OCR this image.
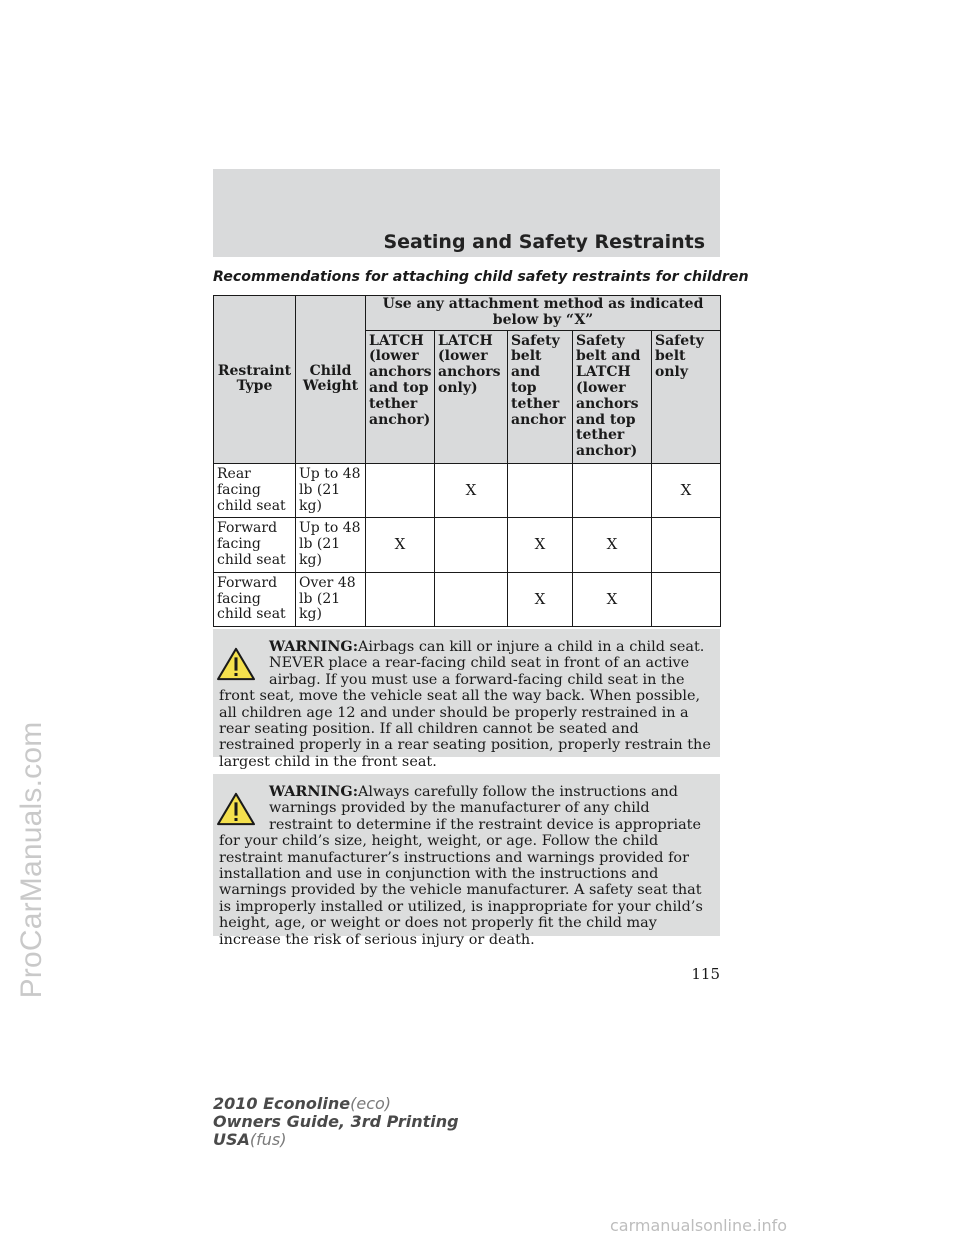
ProCarManuals.com
Seating and Safety Restraints
Recommendations for attaching child safety restraints for children
Restraint Type	Child Weight	Use any attachment method as indicated below by “X”				
		LATCH (lower anchors and top tether anchor)	LATCH (lower anchors only)	Safety belt and top tether anchor	Safety belt and LATCH (lower anchors and top tether anchor)	Safety belt only
Rear facing child seat	Up to 48 lb (21 kg)		X			X
Forward facing child seat	Up to 48 lb (21 kg)	X		X	X	
Forward facing child seat	Over 48 lb (21 kg)			X	X	
WARNING:Airbags can kill or injure a child in a child seat. NEVER place a rear-facing child seat in front of an active airbag. If you must use a forward-facing child seat in the front seat, move the vehicle seat all the way back. When possible, all children age 12 and under should be properly restrained in a rear seating position. If all children cannot be seated and restrained properly in a rear seating position, properly restrain the largest child in the front seat.
WARNING:Always carefully follow the instructions and warnings provided by the manufacturer of any child restraint to determine if the restraint device is appropriate for your child’s size, height, weight, or age. Follow the child restraint manufacturer’s instructions and warnings provided for installation and use in conjunction with the instructions and warnings provided by the vehicle manufacturer. A safety seat that is improperly installed or utilized, is inappropriate for your child’s height, age, or weight or does not properly fit the child may increase the risk of serious injury or death.
115
2010 Econoline(eco)
Owners Guide, 3rd Printing
USA(fus)
carmanualsonline.info
